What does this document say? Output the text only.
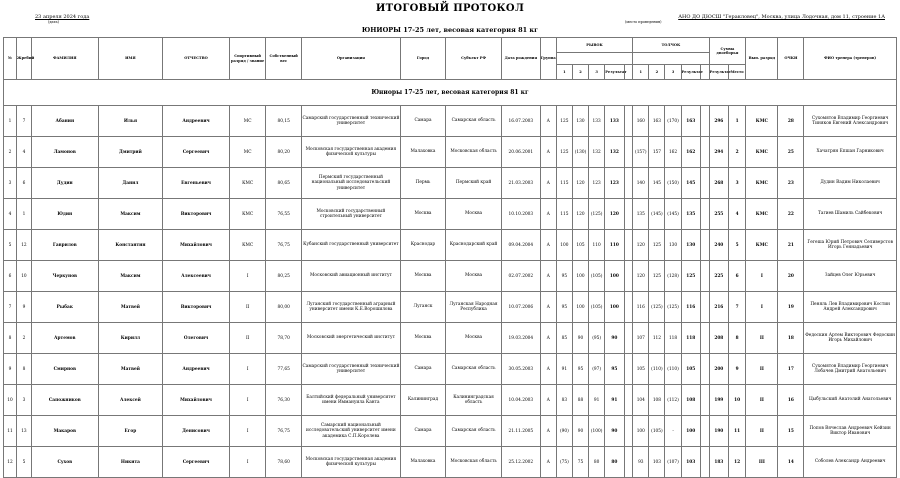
ИТОГОВЫЙ ПРОТОКОЛ
23 апреля 2024 года
(дата)
АНО ДО ДЮСШ "Геракловец", Москва, улица Лодочная, дом 11, строение 1А
(место проведения)
ЮНИОРЫ 17-25 лет, весовая категория 81 кг
№	Жребий	ФАМИЛИЯ	ИМЯ	ОТЧЕСТВО	Спортивный разряд / звание	Собственный вес	Организация	Город	Субъект РФ	Дата рождения	Группа	РЫВОК					ТОЛЧОК					Сумма двоеборья		Вып. разряд	ОЧКИ	ФИО тренера (тренеров)

												1	2	3	Результат		1	2	3	Результат		Результат	Место			
Юниоры 17-25 лет, весовая категория 81 кг																										
1	7	Абанин	Илья	Андреевич	МС	80,15	Самарский государственный технический университет	Самара	Самарская область	16.07.2003	А	125	130	133	133		160	163	(170)	163		296	1	КМС	28	Сухомятов Владимир Георгиевич Тиняков Евгений Александрович
2	4	Ламонов	Дмитрий	Сергеевич	МС	80,20	Московская государственная академия физической культуры	Малаховка	Московская область	20.06.2001	А	125	(130)	132	132		(157)	157	162	162		294	2	КМС	25	Хачатрян Епшан Гарникович
3	6	Дудин	Данил	Евгеньевич	КМС	80,65	Пермский государственный национальный исследовательский университет	Пермь	Пермский край	21.03.2003	А	115	120	123	123		140	145	(150)	145		268	3	КМС	23	Дудин Вадим Николаевич
4	1	Юдин	Максим	Викторович	КМС	76,55	Московский государственный строительный университет	Москва	Москва	10.10.2003	А	115	120	(125)	120		135	(145)	(145)	135		255	4	КМС	22	Тагиев Шамиль Сайбекович
5	12	Гаврилов	Константин	Михайлович	КМС	76,75	Кубанский государственный университет	Краснодар	Краснодарский край	09.04.2004	А	100	105	110	110		120	125	130	130		240	5	КМС	21	Гегеша Юрий Петрович Селиверстов Игорь Геннадьевич
6	10	Черкунов	Максим	Алексеевич	I	80,25	Московский авиационный институт	Москва	Москва	02.07.2002	А	95	100	(105)	100		120	125	(128)	125		225	6	I	20	Зайцев Олег Юрьевич
7	9	Рыбак	Матвей	Викторович	II	80,00	Луганский государственный аграрный университет имени К.Е.Ворошилова	Луганск	Луганская Народная Республика	10.07.2006	А	95	100	(105)	100		116	(125)	(125)	116		216	7	I	19	Пеняль Лев Владимирович Костин Андрей Александрович
8	2	Артемов	Кирилл	Олегович	II	78,70	Московский энергетический институт	Москва	Москва	19.03.2004	А	85	90	(95)	90		107	112	118	118		208	8	II	18	Федоскин Артем Викторович Федоскин Игорь Михайлович
9	8	Смирнов	Матвей	Андреевич	I	77,65	Самарский государственный технический университет	Самара	Самарская область	30.05.2003	А	91	95	(97)	95		105	(110)	(110)	105		200	9	II	17	Сухомятов Владимир Георгиевич Лобачев Дмитрий Анатольевич
10	3	Сапожников	Алексей	Михайлович	I	76,30	Балтийский федеральный университет имени Иммануила Канта	Калининград	Калининградская область	10.04.2003	А	83	88	91	91		104	108	(112)	108		199	10	II	16	Цыбульский Анатолий Анатольевич
11	13	Макаров	Егор	Денисович	I	76,75	Самарский национальный исследовательский университет имени академика С.П.Королева	Самара	Самарская область	21.11.2005	А	(90)	90	(100)	90		100	(105)	-	100		190	11	II	15	Попов Вячеслав Андреевич Кейзин Виктор Иванович
12	5	Сухов	Никита	Сергеевич	I	78,60	Московская государственная академия физической культуры	Малаховка	Московская область	25.12.2002	А	(75)	75	80	80		93	103	(107)	103		183	12	III	14	Соболев Александр Андреевич
